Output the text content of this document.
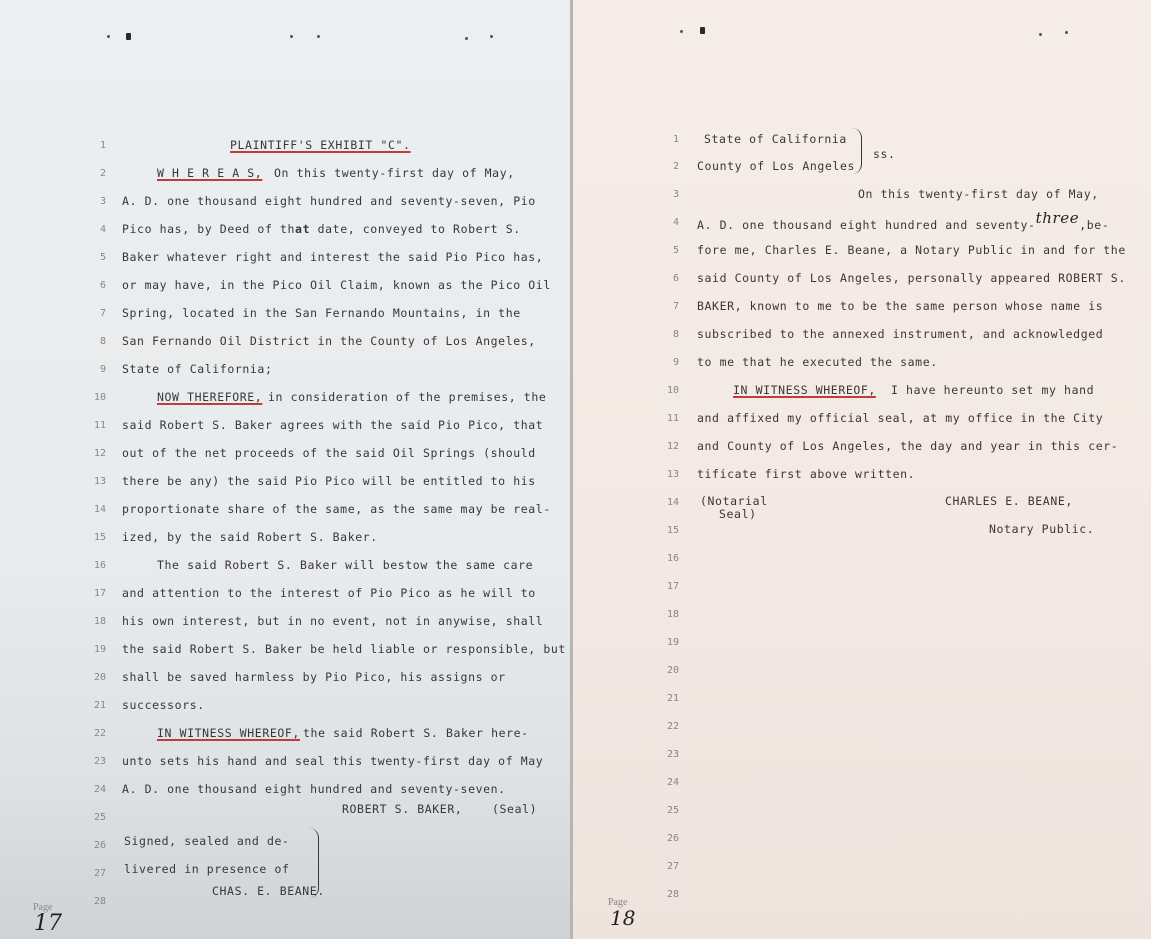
1
2
3
4
5
6
7
8
9
10
11
12
13
14
15
16
17
18
19
20
21
22
23
24
25
26
27
28
PLAINTIFF'S EXHIBIT "C".
W H E R E A S, On this twenty-first day of May,
A. D. one thousand eight hundred and seventy-seven, Pio
Pico has, by Deed of that date, conveyed to Robert S.
Baker whatever right and interest the said Pio Pico has,
or may have, in the Pico Oil Claim, known as the Pico Oil
Spring, located in the San Fernando Mountains, in the
San Fernando Oil District in the County of Los Angeles,
State of California;
NOW THEREFORE, in consideration of the premises, the
said Robert S. Baker agrees with the said Pio Pico, that
out of the net proceeds of the said Oil Springs (should
there be any) the said Pio Pico will be entitled to his
proportionate share of the same, as the same may be real-
ized, by the said Robert S. Baker.
The said Robert S. Baker will bestow the same care
and attention to the interest of Pio Pico as he will to
his own interest, but in no event, not in anywise, shall
the said Robert S. Baker be held liable or responsible, but
shall be saved harmless by Pio Pico, his assigns or
successors.
IN WITNESS WHEREOF, the said Robert S. Baker here-
unto sets his hand and seal this twenty-first day of May
A. D. one thousand eight hundred and seventy-seven.
ROBERT S. BAKER,	(Seal)
Signed, sealed and de-
livered in presence of
CHAS. E. BEANE.
Page
17
1
2
3
4
5
6
7
8
9
10
11
12
13
14
15
16
17
18
19
20
21
22
23
24
25
26
27
28
State of California
County of Los Angeles
ss.
On this twenty-first day of May,
A. D. one thousand eight hundred and seventy-three,be-
fore me, Charles E. Beane, a Notary Public in and for the
said County of Los Angeles, personally appeared ROBERT S.
BAKER, known to me to be the same person whose name is
subscribed to the annexed instrument, and acknowledged
to me that he executed the same.
IN WITNESS WHEREOF, I have hereunto set my hand
and affixed my official seal, at my office in the City
and County of Los Angeles, the day and year in this cer-
tificate first above written.
(Notarial
Seal)
CHARLES E. BEANE,
Notary Public.
Page
18
